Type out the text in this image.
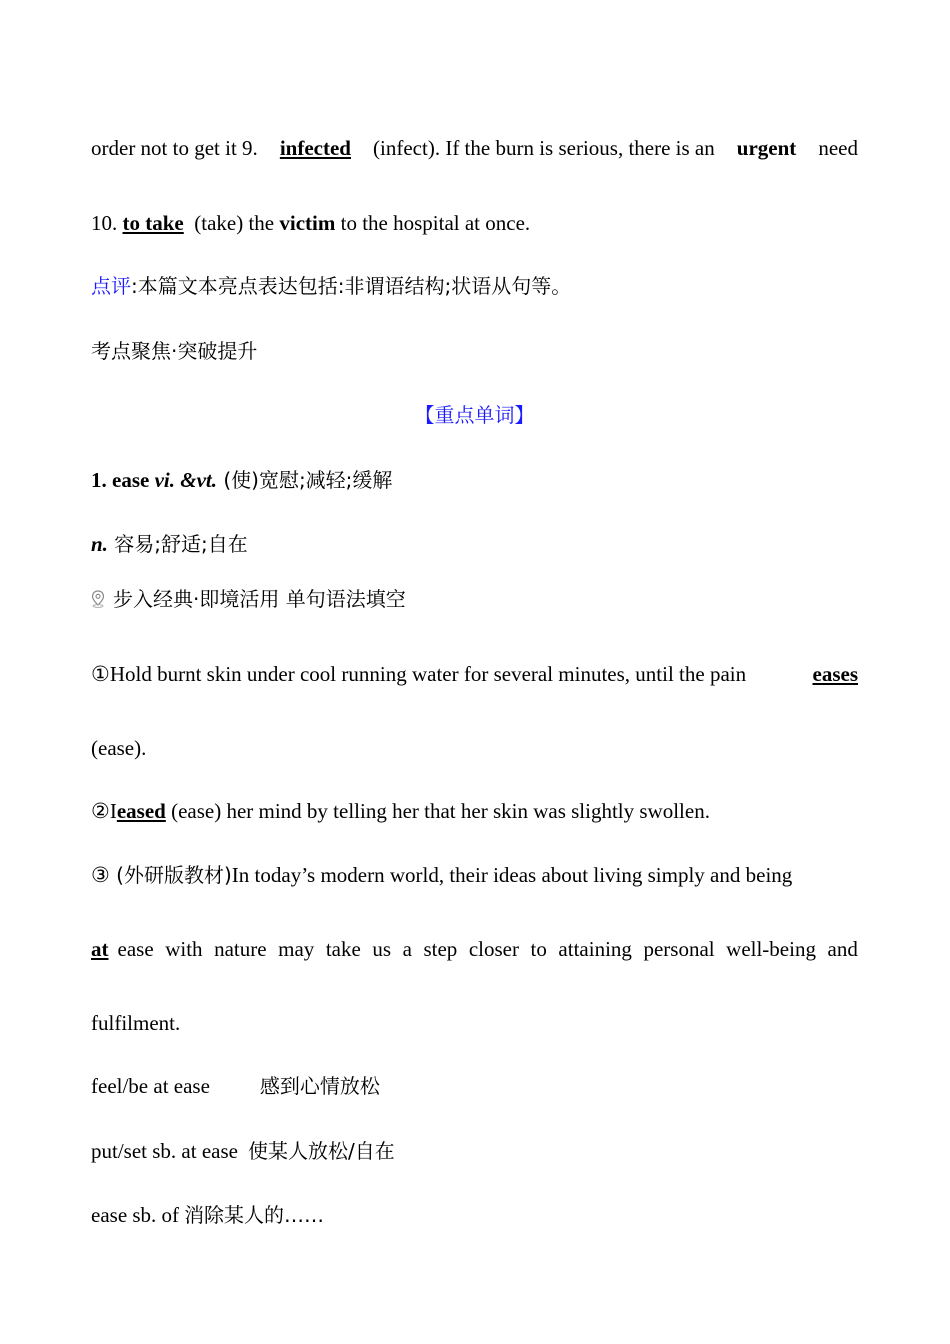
order not to get it 9. infected (infect). If the burn is serious, there is an urgent need
10. to take  (take) the victim to the hospital at once.
点评:本篇文本亮点表达包括:非谓语结构;状语从句等。
考点聚焦·突破提升
【重点单词】
1. ease vi. &vt. (使)宽慰;减轻;缓解
n. 容易;舒适;自在
步入经典·即境活用 单句语法填空
①Hold burnt skin under cool running water for several minutes, until the pain	eases
(ease).
②Ieased (ease) her mind by telling her that her skin was slightly swollen.
③ (外研版教材)In today’s modern world, their ideas about living simply and being
at ease with nature may take us a step closer to attaining personal well-being and
fulfilment.
feel/be at ease	感到心情放松
put/set sb. at ease 使某人放松/自在
ease sb. of 消除某人的……
